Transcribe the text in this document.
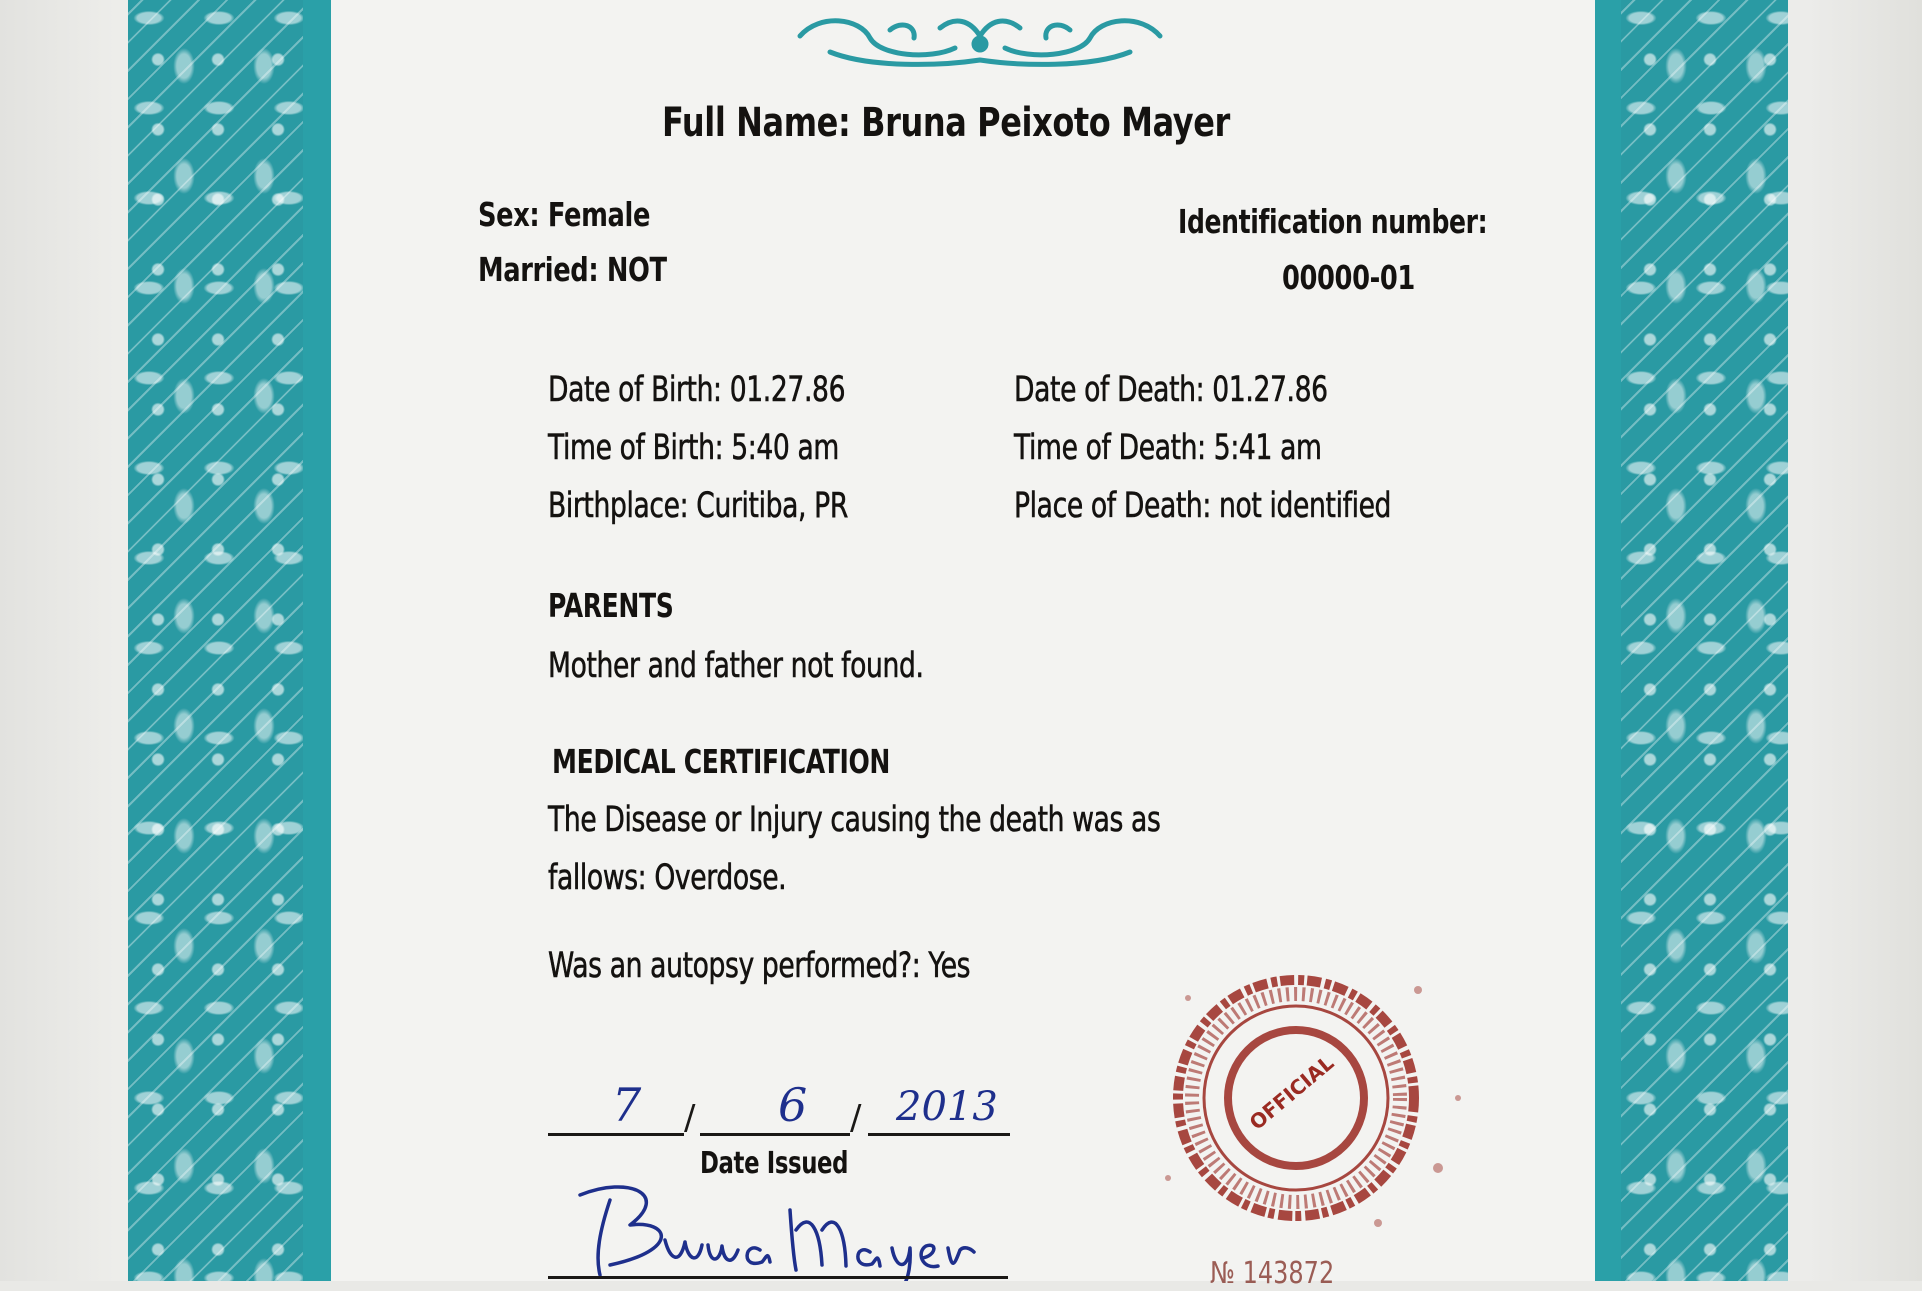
Full Name: Bruna Peixoto Mayer
Sex: Female
Married: NOT
Identification number:
00000-01
Date of Birth: 01.27.86
Time of Birth: 5:40 am
Birthplace: Curitiba, PR
Date of Death: 01.27.86
Time of Death: 5:41 am
Place of Death: not identified
PARENTS
Mother and father not found.
MEDICAL CERTIFICATION
The Disease or Injury causing the death was as
fallows: Overdose.
Was an autopsy performed?: Yes
/	/
7	6 2013
Date Issued
OFFICIAL
№ 143872
